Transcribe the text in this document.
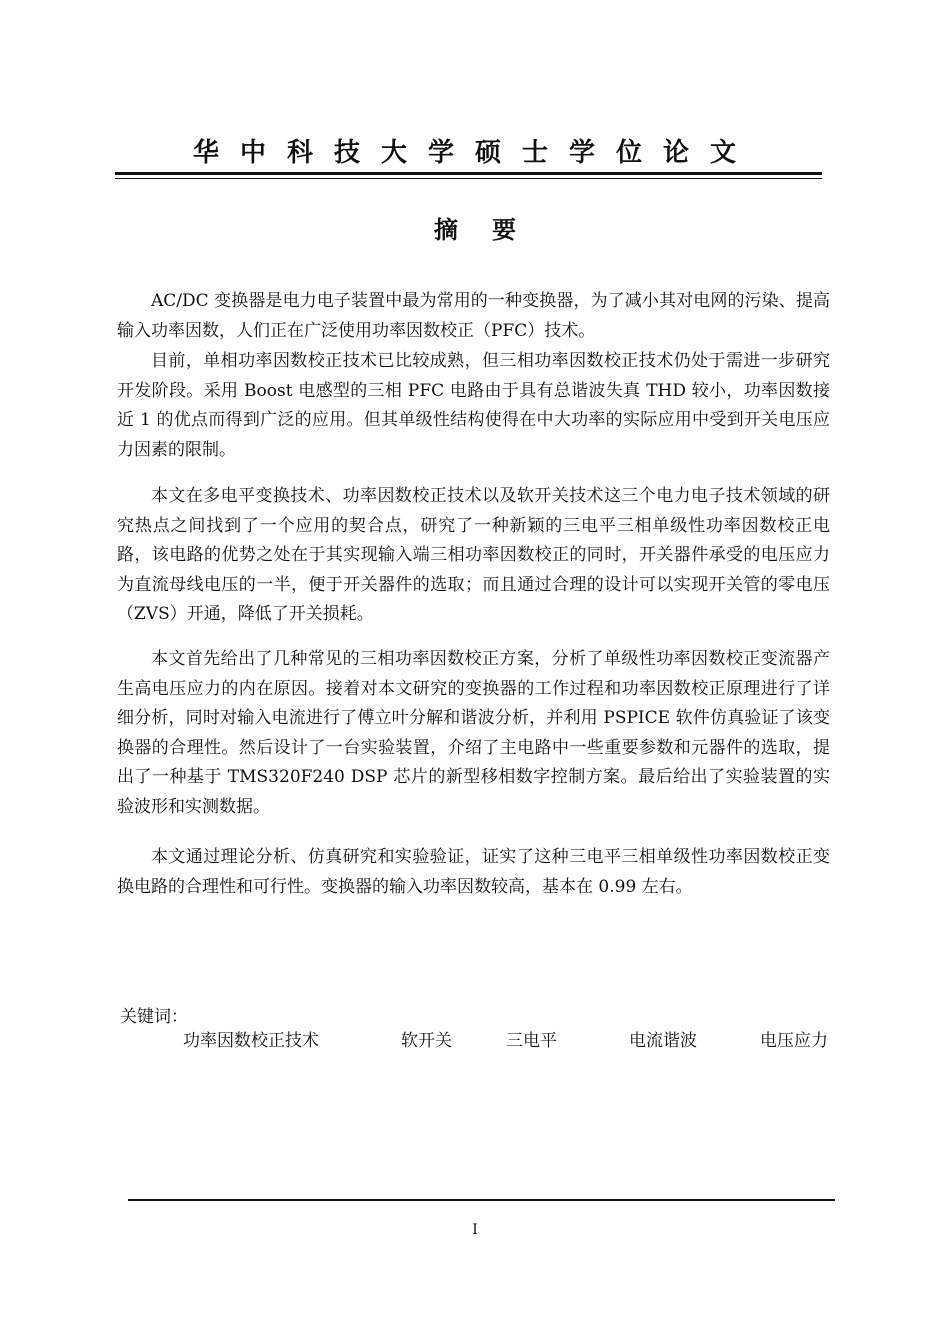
华中科技大学硕士学位论文
摘要

AC/DC 变换器是电力电子装置中最为常用的一种变换器，为了减小其对电网的污染、提高输入功率因数，人们正在广泛使用功率因数校正（PFC）技术。

目前，单相功率因数校正技术已比较成熟，但三相功率因数校正技术仍处于需进一步研究开发阶段。采用 Boost 电感型的三相 PFC 电路由于具有总谐波失真 THD 较小，功率因数接近 1 的优点而得到广泛的应用。但其单级性结构使得在中大功率的实际应用中受到开关电压应力因素的限制。

本文在多电平变换技术、功率因数校正技术以及软开关技术这三个电力电子技术领域的研究热点之间找到了一个应用的契合点，研究了一种新颖的三电平三相单级性功率因数校正电路，该电路的优势之处在于其实现输入端三相功率因数校正的同时，开关器件承受的电压应力为直流母线电压的一半，便于开关器件的选取；而且通过合理的设计可以实现开关管的零电压（ZVS）开通，降低了开关损耗。

本文首先给出了几种常见的三相功率因数校正方案，分析了单级性功率因数校正变流器产生高电压应力的内在原因。接着对本文研究的变换器的工作过程和功率因数校正原理进行了详细分析，同时对输入电流进行了傅立叶分解和谐波分析，并利用 PSPICE 软件仿真验证了该变换器的合理性。然后设计了一台实验装置，介绍了主电路中一些重要参数和元器件的选取，提出了一种基于 TMS320F240 DSP 芯片的新型移相数字控制方案。最后给出了实验装置的实验波形和实测数据。

本文通过理论分析、仿真研究和实验验证，证实了这种三电平三相单级性功率因数校正变换电路的合理性和可行性。变换器的输入功率因数较高，基本在 0.99 左右。

关键词：
功率因数校正技术	软开关	三电平	电流谐波	电压应力
I
